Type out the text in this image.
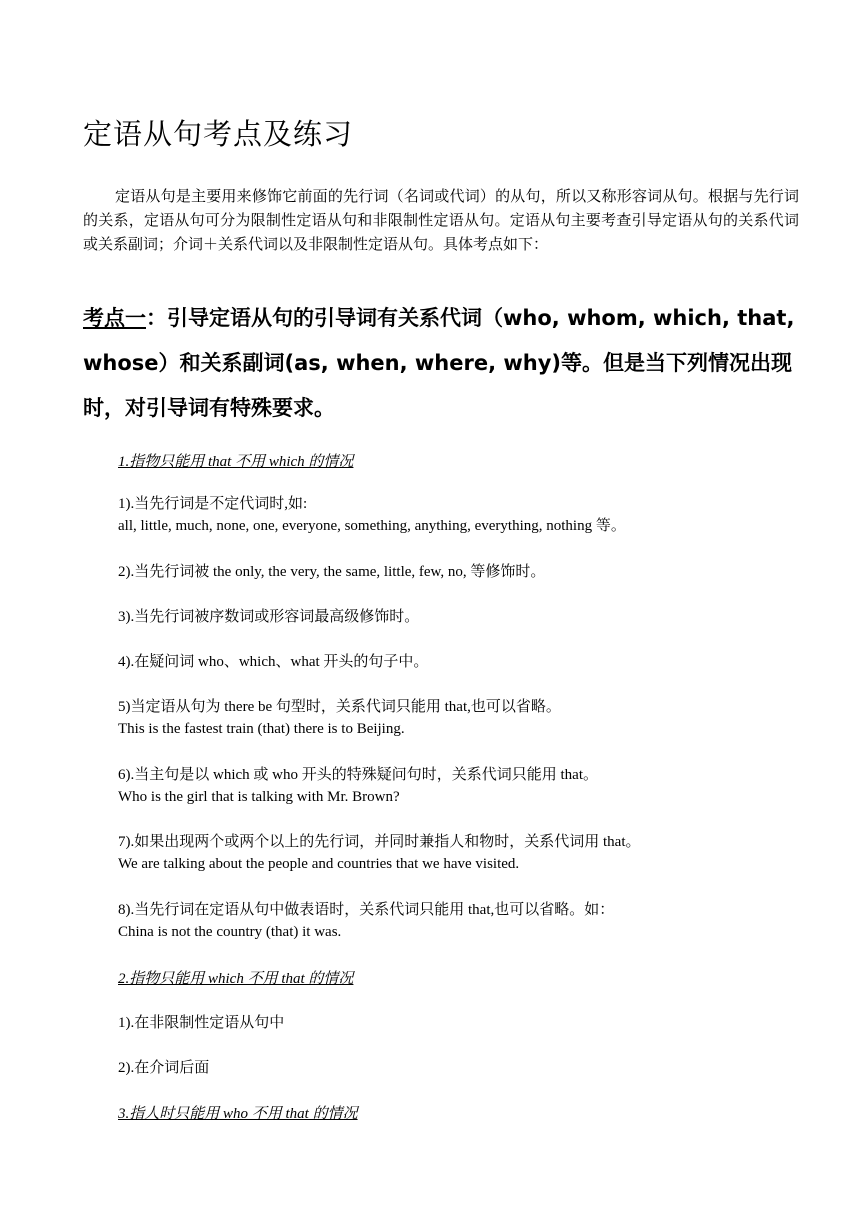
定语从句考点及练习

定语从句是主要用来修饰它前面的先行词（名词或代词）的从句，所以又称形容词从句。根据与先行词的关系，定语从句可分为限制性定语从句和非限制性定语从句。定语从句主要考查引导定语从句的关系代词或关系副词；介词＋关系代词以及非限制性定语从句。具体考点如下：

考点一：引导定语从句的引导词有关系代词（who, whom, which, that, whose）和关系副词(as, when, where, why)等。但是当下列情况出现时，对引导词有特殊要求。

1.指物只能用 that 不用 which 的情况

1).当先行词是不定代词时,如:
all, little, much, none, one, everyone, something, anything, everything, nothing 等。
2).当先行词被 the only, the very, the same, little, few, no, 等修饰时。
3).当先行词被序数词或形容词最高级修饰时。
4).在疑问词 who、which、what 开头的句子中。
5)当定语从句为 there be 句型时，关系代词只能用 that,也可以省略。
This is the fastest train (that) there is to Beijing.
6).当主句是以 which 或 who 开头的特殊疑问句时，关系代词只能用 that。
Who is the girl that is talking with Mr. Brown?
7).如果出现两个或两个以上的先行词，并同时兼指人和物时，关系代词用 that。
We are talking about the people and countries that we have visited.
8).当先行词在定语从句中做表语时，关系代词只能用 that,也可以省略。如：
China is not the country (that) it was.

2.指物只能用 which 不用 that 的情况

1).在非限制性定语从句中
2).在介词后面

3.指人时只能用 who 不用 that 的情况
